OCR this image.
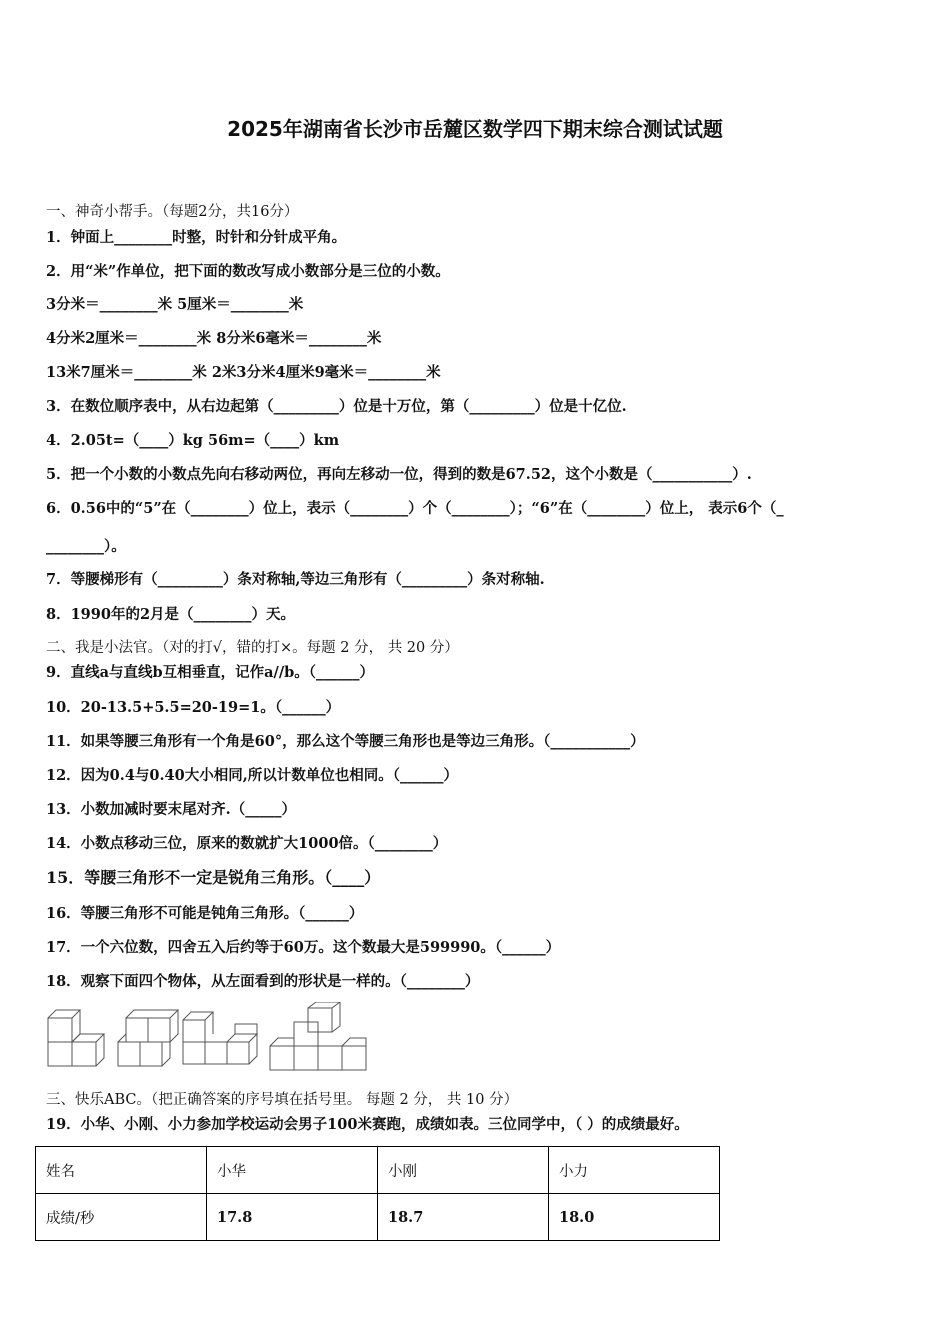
2025年湖南省长沙市岳麓区数学四下期末综合测试试题
一、神奇小帮手。（每题2分，共16分）
1．钟面上________时整，时针和分针成平角。
2．用“米”作单位，把下面的数改写成小数部分是三位的小数。
3分米＝________米 5厘米＝________米
4分米2厘米＝________米 8分米6毫米＝________米
13米7厘米＝________米 2米3分米4厘米9毫米＝________米
3．在数位顺序表中，从右边起第（_________）位是十万位，第（_________）位是十亿位.
4．2.05t=（____）kg 56m=（____）km
5．把一个小数的小数点先向右移动两位，再向左移动一位，得到的数是67.52，这个小数是（___________）.
6．0.56中的“5”在（________）位上，表示（________）个（________）；“6”在（________）位上， 表示6个（_
________）。
7．等腰梯形有（_________）条对称轴,等边三角形有（_________）条对称轴.
8．1990年的2月是（________）天。
二、我是小法官。（对的打√，错的打×。每题 2 分， 共 20 分）
9．直线a与直线b互相垂直，记作a//b。（______）
10．20-13.5+5.5=20-19=1。（______）
11．如果等腰三角形有一个角是60°，那么这个等腰三角形也是等边三角形。（___________）
12．因为0.4与0.40大小相同,所以计数单位也相同。（______）
13．小数加减时要末尾对齐.（_____）
14．小数点移动三位，原来的数就扩大1000倍。（________）
15．等腰三角形不一定是锐角三角形。（____）
16．等腰三角形不可能是钝角三角形。（______）
17．一个六位数，四舍五入后约等于60万。这个数最大是599990。（______）
18．观察下面四个物体，从左面看到的形状是一样的。（________）
三、快乐ABC。（把正确答案的序号填在括号里。 每题 2 分， 共 10 分）
19．小华、小刚、小力参加学校运动会男子100米赛跑，成绩如表。三位同学中，（ ）的成绩最好。
姓名	小华	小刚	小力
成绩/秒	17.8	18.7	18.0
